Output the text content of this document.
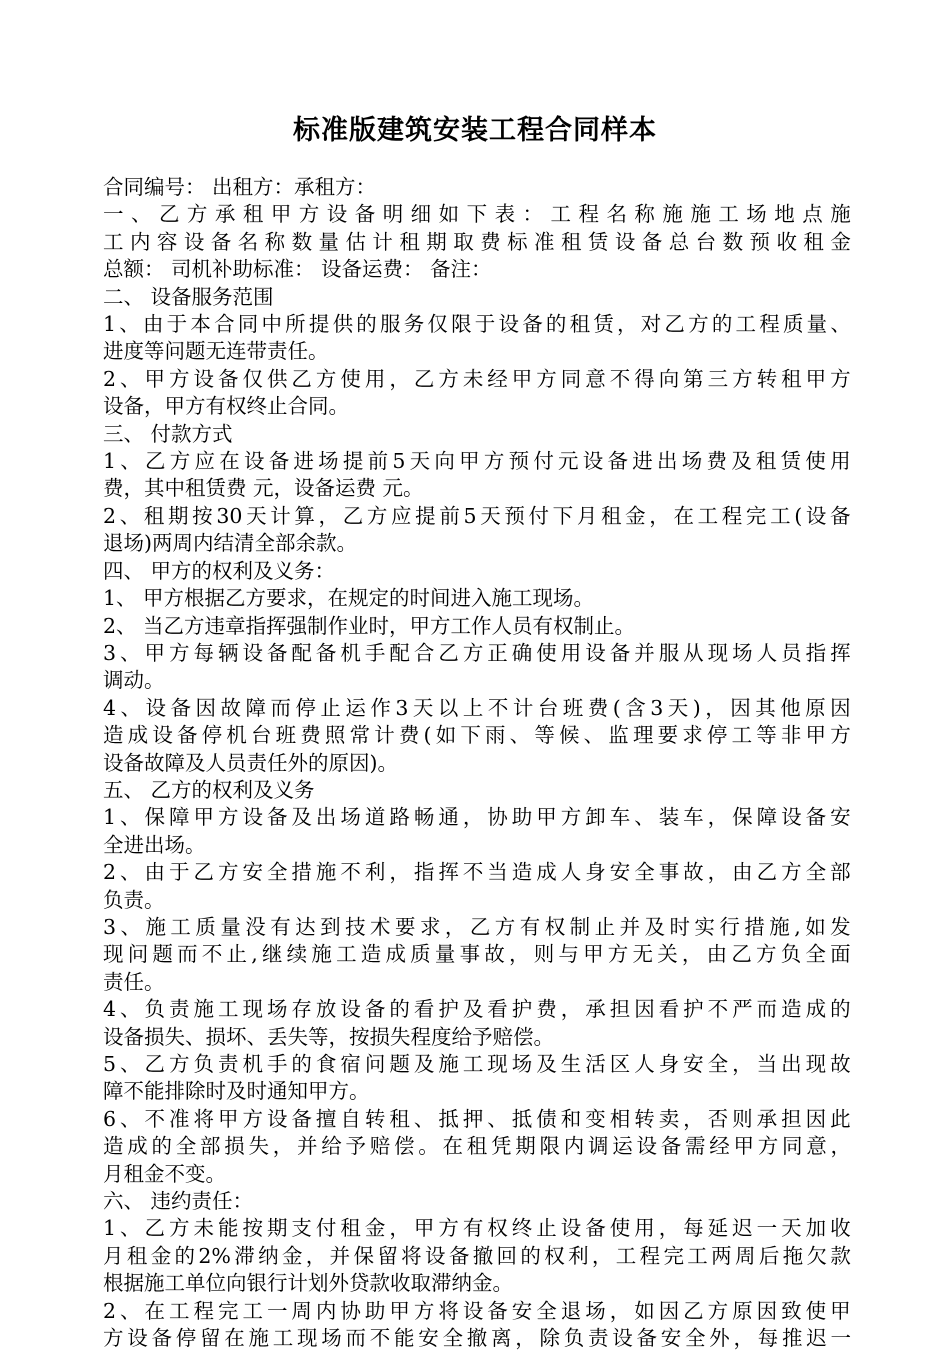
标准版建筑安装工程合同样本
合同编号： 出租方：承租方：
一 、 乙 方 承 租 甲 方 设 备 明 细 如 下 表 ： 工 程 名 称 施 施 工 场 地 点 施
工 内 容 设 备 名 称 数 量 估 计 租 期 取 费 标 准 租 赁 设 备 总 台 数 预 收 租 金
总额： 司机补助标准： 设备运费： 备注：
二、 设备服务范围
1 、 由 于 本 合 同 中 所 提 供 的 服 务 仅 限 于 设 备 的 租 赁 ， 对 乙 方 的 工 程 质 量 、
进度等问题无连带责任。
2 、 甲 方 设 备 仅 供 乙 方 使 用 ， 乙 方 未 经 甲 方 同 意 不 得 向 第 三 方 转 租 甲 方
设备，甲方有权终止合同。
三、 付款方式
1 、 乙 方 应 在 设 备 进 场 提 前 5 天 向 甲 方 预 付 元 设 备 进 出 场 费 及 租 赁 使 用
费，其中租赁费 元，设备运费 元。
2 、 租 期 按 30 天 计 算 ， 乙 方 应 提 前 5 天 预 付 下 月 租 金 ， 在 工 程 完 工 ( 设 备
退场)两周内结清全部余款。
四、 甲方的权利及义务：
1、 甲方根据乙方要求，在规定的时间进入施工现场。
2、 当乙方违章指挥强制作业时，甲方工作人员有权制止。
3 、 甲 方 每 辆 设 备 配 备 机 手 配 合 乙 方 正 确 使 用 设 备 并 服 从 现 场 人 员 指 挥
调动。
4 、 设 备 因 故 障 而 停 止 运 作 3 天 以 上 不 计 台 班 费 ( 含 3 天 ) ， 因 其 他 原 因
造 成 设 备 停 机 台 班 费 照 常 计 费 ( 如 下 雨 、 等 候 、 监 理 要 求 停 工 等 非 甲 方
设备故障及人员责任外的原因)。
五、 乙方的权利及义务
1 、 保 障 甲 方 设 备 及 出 场 道 路 畅 通 ， 协 助 甲 方 卸 车 、 装 车 ， 保 障 设 备 安
全进出场。
2 、 由 于 乙 方 安 全 措 施 不 利 ， 指 挥 不 当 造 成 人 身 安 全 事 故 ， 由 乙 方 全 部
负责。
3 、 施 工 质 量 没 有 达 到 技 术 要 求 ， 乙 方 有 权 制 止 并 及 时 实 行 措 施 , 如 发
现 问 题 而 不 止 , 继 续 施 工 造 成 质 量 事 故 ， 则 与 甲 方 无 关 ， 由 乙 方 负 全 面
责任。
4 、 负 责 施 工 现 场 存 放 设 备 的 看 护 及 看 护 费 ， 承 担 因 看 护 不 严 而 造 成 的
设备损失、损坏、丢失等，按损失程度给予赔偿。
5 、 乙 方 负 责 机 手 的 食 宿 问 题 及 施 工 现 场 及 生 活 区 人 身 安 全 ， 当 出 现 故
障不能排除时及时通知甲方。
6 、 不 准 将 甲 方 设 备 擅 自 转 租 、 抵 押 、 抵 债 和 变 相 转 卖 ， 否 则 承 担 因 此
造 成 的 全 部 损 失 ， 并 给 予 赔 偿 。 在 租 凭 期 限 内 调 运 设 备 需 经 甲 方 同 意 ，
月租金不变。
六、 违约责任：
1 、 乙 方 未 能 按 期 支 付 租 金 ， 甲 方 有 权 终 止 设 备 使 用 ， 每 延 迟 一 天 加 收
月 租 金 的 2% 滞 纳 金 ， 并 保 留 将 设 备 撤 回 的 权 利 ， 工 程 完 工 两 周 后 拖 欠 款
根据施工单位向银行计划外贷款收取滞纳金。
2 、 在 工 程 完 工 一 周 内 协 助 甲 方 将 设 备 安 全 退 场 ， 如 因 乙 方 原 因 致 使 甲
方 设 备 停 留 在 施 工 现 场 而 不 能 安 全 撤 离 ， 除 负 责 设 备 安 全 外 ， 每 推 迟 一
